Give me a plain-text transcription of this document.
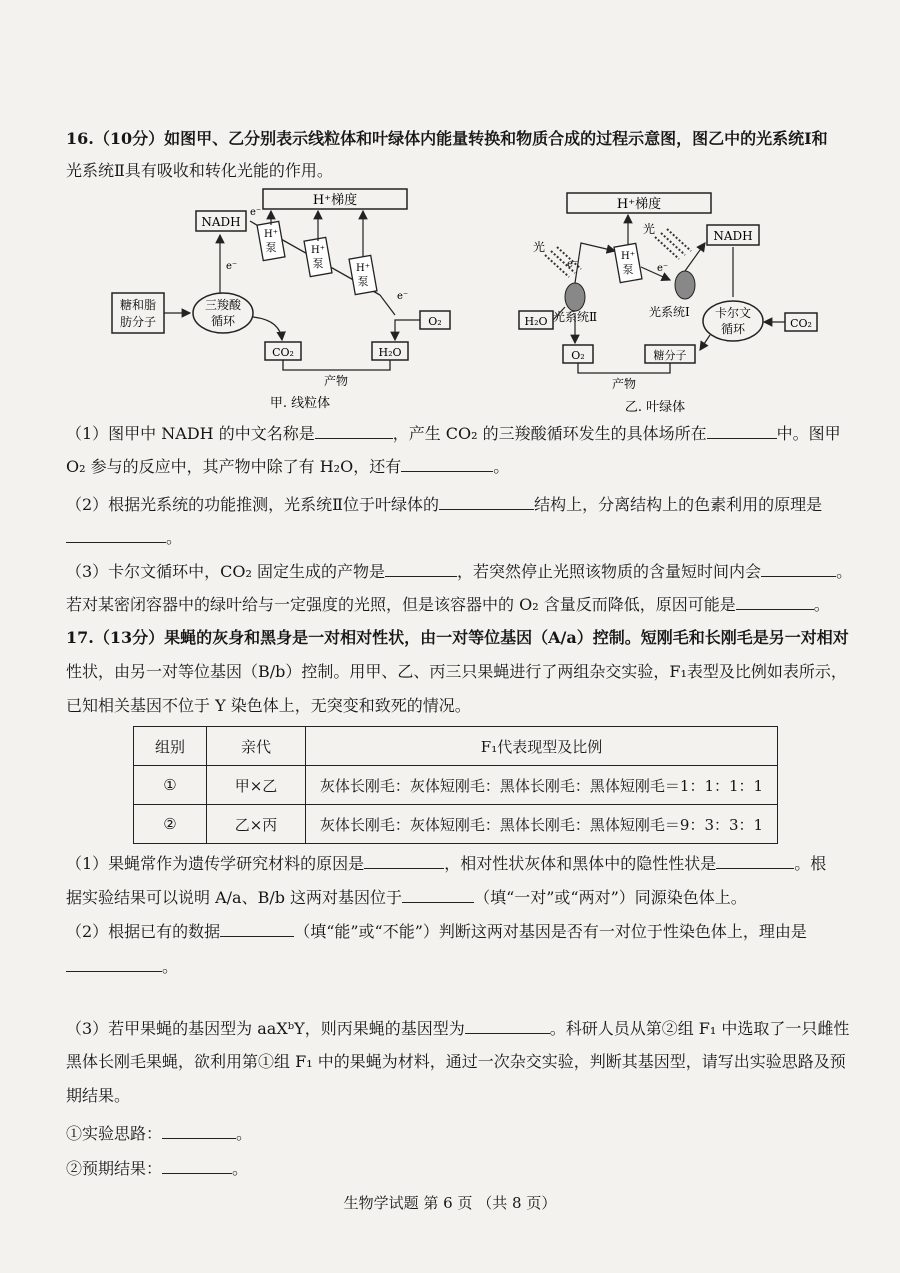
16.（10分）如图甲、乙分别表示线粒体和叶绿体内能量转换和物质合成的过程示意图，图乙中的光系统Ⅰ和
光系统Ⅱ具有吸收和转化光能的作用。
H⁺梯度
NADH
e⁻
H⁺
泵	H⁺
泵	H⁺
泵
e⁻
糖和脂
肪分子
三羧酸
循环
CO₂	H₂O
O₂
e⁻
产物
甲. 线粒体
H⁺梯度
NADH
光
光
e⁻
H⁺
泵 e⁻
光系统Ⅱ	光系统Ⅰ
H₂O
卡尔文
循环	CO₂
O₂	糖分子
产物
乙. 叶绿体
（1）图甲中 NADH 的中文名称是	，产生 CO₂ 的三羧酸循环发生的具体场所在	中。图甲
O₂ 参与的反应中，其产物中除了有 H₂O，还有	。
（2）根据光系统的功能推测，光系统Ⅱ位于叶绿体的	结构上，分离结构上的色素利用的原理是
。
（3）卡尔文循环中，CO₂ 固定生成的产物是	，若突然停止光照该物质的含量短时间内会	。
若对某密闭容器中的绿叶给与一定强度的光照，但是该容器中的 O₂ 含量反而降低，原因可能是	。
17.（13分）果蝇的灰身和黑身是一对相对性状，由一对等位基因（A/a）控制。短刚毛和长刚毛是另一对相对
性状，由另一对等位基因（B/b）控制。用甲、乙、丙三只果蝇进行了两组杂交实验，F₁表型及比例如表所示，
已知相关基因不位于 Y 染色体上，无突变和致死的情况。
组别	亲代	F₁代表现型及比例
①	甲×乙	灰体长刚毛：灰体短刚毛：黑体长刚毛：黑体短刚毛＝1：1：1：1
②	乙×丙	灰体长刚毛：灰体短刚毛：黑体长刚毛：黑体短刚毛＝9：3：3：1
（1）果蝇常作为遗传学研究材料的原因是	，相对性状灰体和黑体中的隐性性状是	。根
据实验结果可以说明 A/a、B/b 这两对基因位于	（填“一对”或“两对”）同源染色体上。
（2）根据已有的数据	（填“能”或“不能”）判断这两对基因是否有一对位于性染色体上，理由是
。
（3）若甲果蝇的基因型为 aaXᵇY，则丙果蝇的基因型为	。科研人员从第②组 F₁ 中选取了一只雌性
黑体长刚毛果蝇，欲利用第①组 F₁ 中的果蝇为材料，通过一次杂交实验，判断其基因型，请写出实验思路及预
期结果。
①实验思路：	。
②预期结果：	。
生物学试题 第 6 页 （共 8 页）
